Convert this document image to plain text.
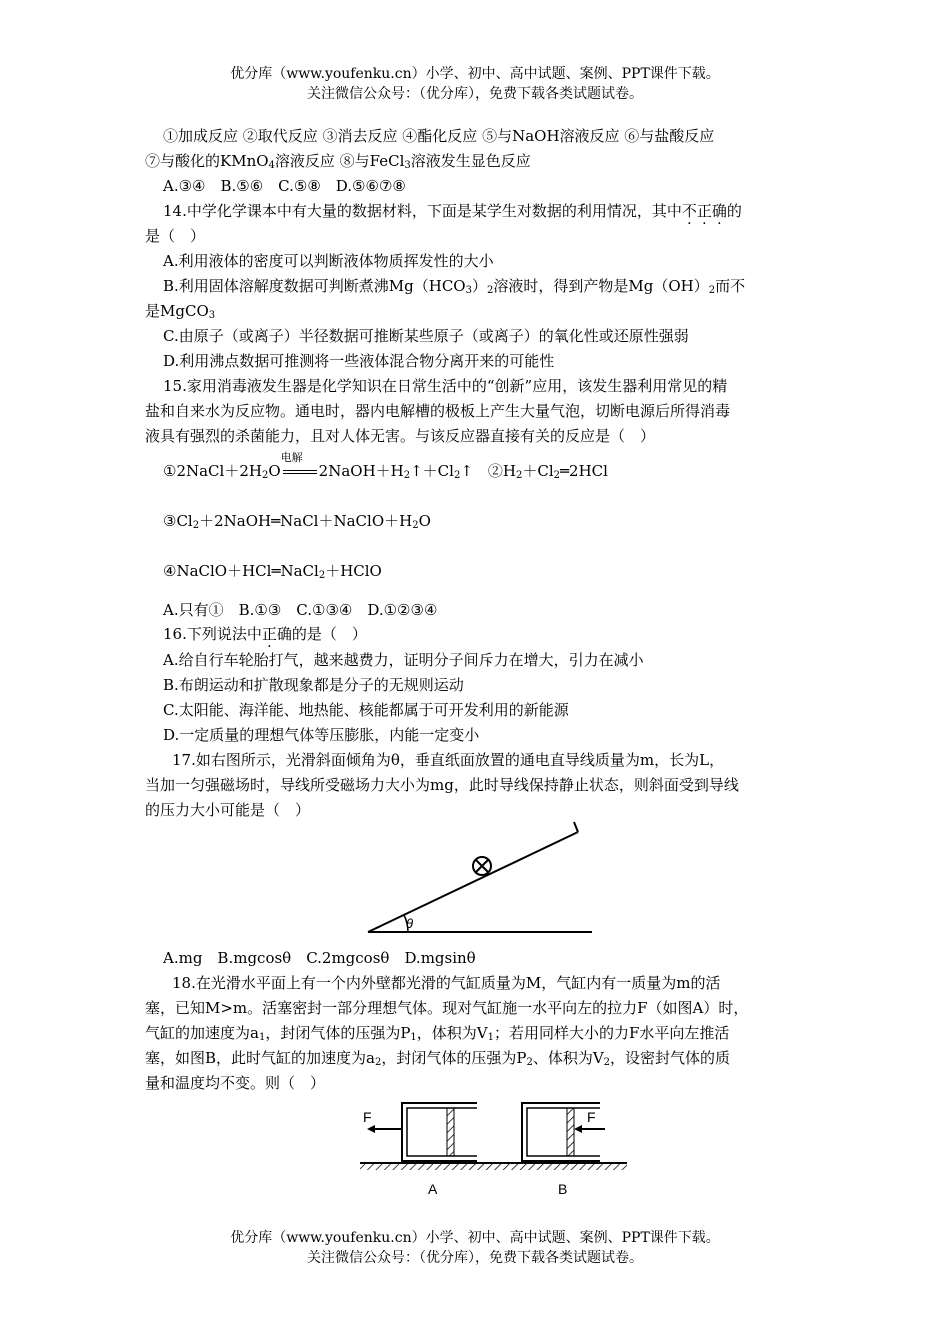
优分库（www.youfenku.cn）小学、初中、高中试题、案例、PPT课件下载。
关注微信公众号：（优分库），免费下载各类试题试卷。
①加成反应 ②取代反应 ③消去反应 ④酯化反应 ⑤与NaOH溶液反应 ⑥与盐酸反应
⑦与酸化的KMnO$_4$溶液反应 ⑧与FeCl$_3$溶液发生显色反应
A.③④　B.⑤⑥　C.⑤⑧　D.⑤⑥⑦⑧
14.中学化学课本中有大量的数据材料，下面是某学生对数据的利用情况，其中不正确的
是（　）
A.利用液体的密度可以判断液体物质挥发性的大小
B.利用固体溶解度数据可判断煮沸$Mg(HCO_3)_2$溶液时，得到产物是$Mg(OH)_2$而不
是MgCO$_3$
C.由原子（或离子）半径数据可推断某些原子（或离子）的氧化性或还原性强弱
D.利用沸点数据可推测将一些液体混合物分离开来的可能性
15.家用消毒液发生器是化学知识在日常生活中的“创新”应用，该发生器利用常见的精
盐和自来水为反应物。通电时，器内电解槽的极板上产生大量气泡，切断电源后所得消毒
液具有强烈的杀菌能力，且对人体无害。与该反应器直接有关的反应是（　）
$①2NaCl+2H_2O$
电解
$2NaOH+H_2↑+Cl_2↑$　$②H_2+Cl_2═2HCl$
$③Cl_2+2NaOH═NaCl+NaClO+H_2O$
④NaClO＋HCl═NaCl$_2$＋HClO
A.只有①　B.①③　C.①③④　D.①②③④
16.下列说法中正确的是（　）
A.给自行车轮胎打气，越来越费力，证明分子间斥力在增大，引力在减小
B.布朗运动和扩散现象都是分子的无规则运动
C.太阳能、海洋能、地热能、核能都属于可开发利用的新能源
D.一定质量的理想气体等压膨胀，内能一定变小
17.如右图所示，光滑斜面倾角为θ，垂直纸面放置的通电直导线质量为m，长为L，
当加一匀强磁场时，导线所受磁场力大小为mg，此时导线保持静止状态，则斜面受到导线
的压力大小可能是（　）
θ
A.mg　B.mgcosθ　C.2mgcosθ　D.mgsinθ
18.在光滑水平面上有一个内外壁都光滑的气缸质量为M，气缸内有一质量为m的活
塞，已知M>m。活塞密封一部分理想气体。现对气缸施一水平向左的拉力F（如图A）时，
气缸的加速度为$a_1$，封闭气体的压强为$P_1$，体积为$V_1$；若用同样大小的力F水平向左推活
塞，如图B，此时气缸的加速度为$a_2$，封闭气体的压强为$P_2$、体积为$V_2$，设密封气体的质
量和温度均不变。则（　）
F
A
F
B
优分库（www.youfenku.cn）小学、初中、高中试题、案例、PPT课件下载。
关注微信公众号：（优分库），免费下载各类试题试卷。
